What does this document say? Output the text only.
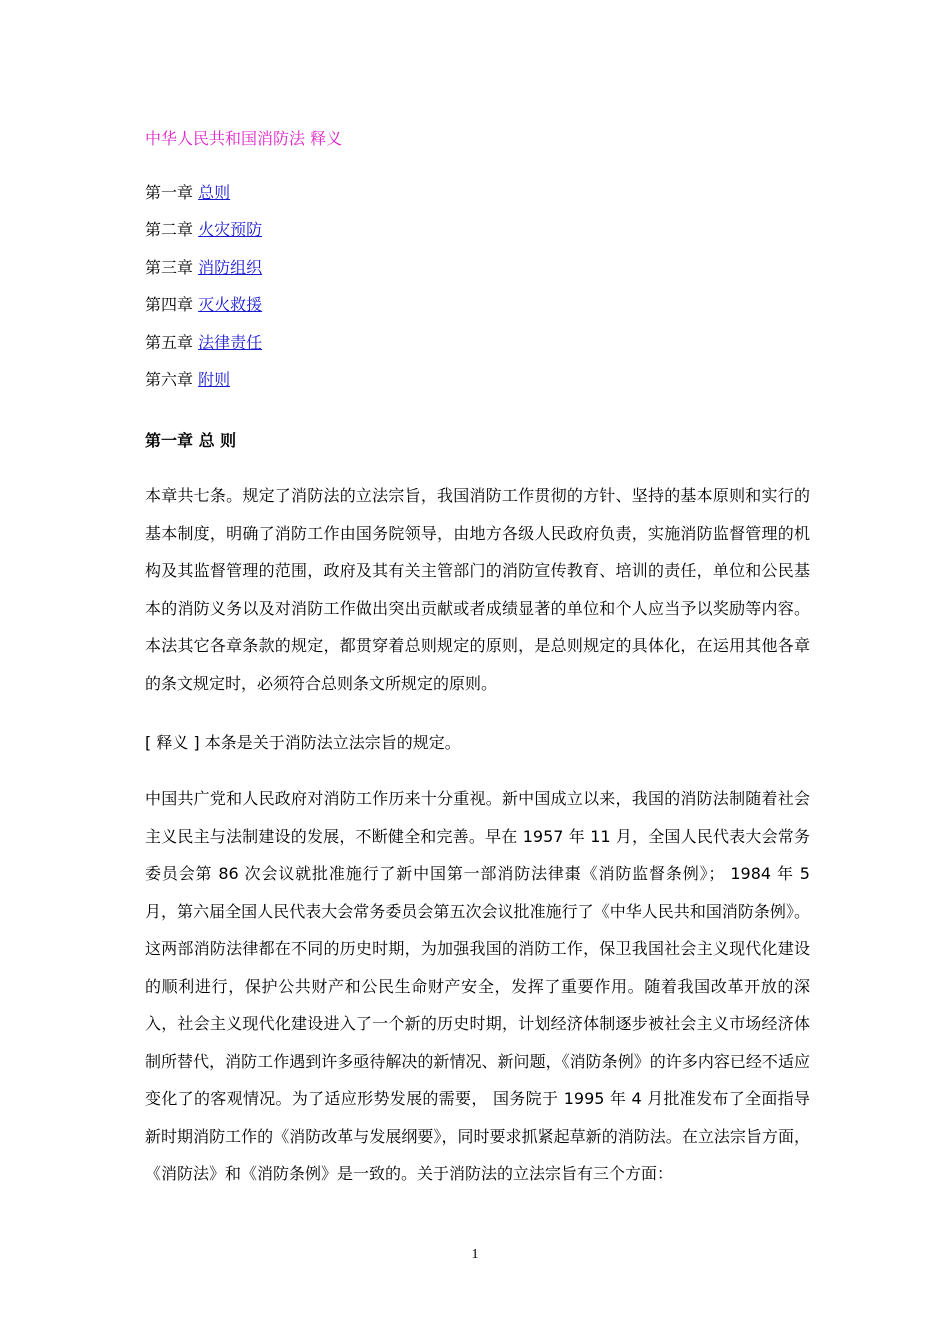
中华人民共和国消防法 释义
第一章 总则
第二章 火灾预防
第三章 消防组织
第四章 灭火救援
第五章 法律责任
第六章 附则
第一章 总 则

本章共七条。规定了消防法的立法宗旨，我国消防工作贯彻的方针、坚持的基本原则和实行的基本制度，明确了消防工作由国务院领导，由地方各级人民政府负责，实施消防监督管理的机构及其监督管理的范围，政府及其有关主管部门的消防宣传教育、培训的责任，单位和公民基本的消防义务以及对消防工作做出突出贡献或者成绩显著的单位和个人应当予以奖励等内容。本法其它各章条款的规定，都贯穿着总则规定的原则，是总则规定的具体化，在运用其他各章的条文规定时，必须符合总则条文所规定的原则。

[ 释义 ] 本条是关于消防法立法宗旨的规定。

中国共广党和人民政府对消防工作历来十分重视。新中国成立以来，我国的消防法制随着社会主义民主与法制建设的发展，不断健全和完善。早在 1957 年 11 月，全国人民代表大会常务委员会第 86 次会议就批准施行了新中国第一部消防法律棗《消防监督条例》； 1984 年 5 月，第六届全国人民代表大会常务委员会第五次会议批准施行了《中华人民共和国消防条例》。这两部消防法律都在不同的历史时期，为加强我国的消防工作，保卫我国社会主义现代化建设的顺利进行，保护公共财产和公民生命财产安全，发挥了重要作用。随着我国改革开放的深入，社会主义现代化建设进入了一个新的历史时期，计划经济体制逐步被社会主义市场经济体制所替代，消防工作遇到许多亟待解决的新情况、新问题，《消防条例》的许多内容已经不适应变化了的客观情况。为了适应形势发展的需要， 国务院于 1995 年 4 月批准发布了全面指导新时期消防工作的《消防改革与发展纲要》，同时要求抓紧起草新的消防法。在立法宗旨方面，《消防法》和《消防条例》是一致的。关于消防法的立法宗旨有三个方面：

1
